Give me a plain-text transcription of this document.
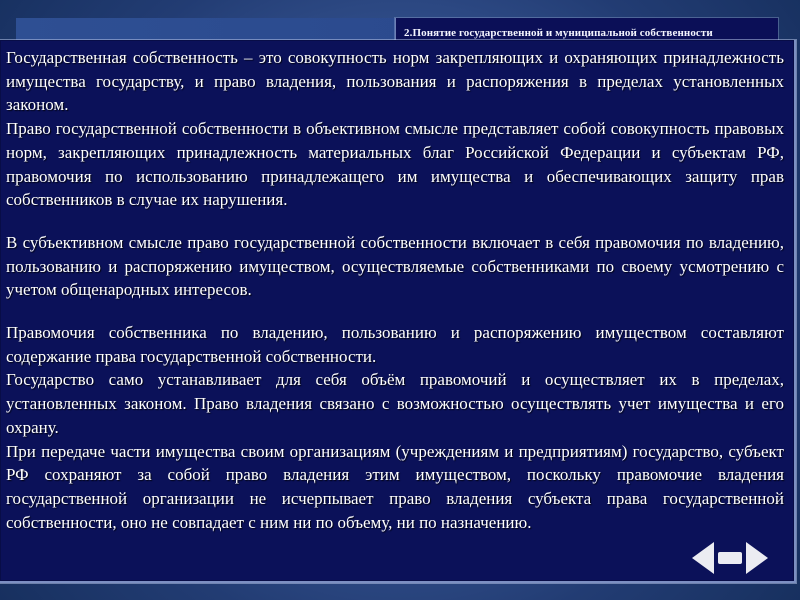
2.Понятие государственной и муниципальной собственности

Государственная собственность – это совокупность норм закрепляющих и охраняющих принадлежность имущества государству, и право владения, пользования и распоряжения в пределах установленных законом.

Право государственной собственности в объективном смысле представляет собой совокупность правовых норм, закрепляющих принадлежность материальных благ Российской Федерации и субъектам РФ, правомочия по использованию принадлежащего им имущества и обеспечивающих защиту прав собственников в случае их нарушения.

В субъективном смысле право государственной собственности включает в себя правомочия по владению, пользованию и распоряжению имуществом, осуществляемые собственниками по своему усмотрению с учетом общенародных интересов.

Правомочия собственника по владению, пользованию и распоряжению имуществом составляют содержание права государственной собственности.

Государство само устанавливает для себя объём правомочий и осуществляет их в пределах, установленных законом. Право владения связано с возможностью осуществлять учет имущества и его охрану.

При передаче части имущества своим организациям (учреждениям и предприятиям) государство, субъект РФ сохраняют за собой право владения этим имуществом, поскольку правомочие владения государственной организации не исчерпывает право владения субъекта права государственной собственности, оно не совпадает с ним ни по объему, ни по назначению.
